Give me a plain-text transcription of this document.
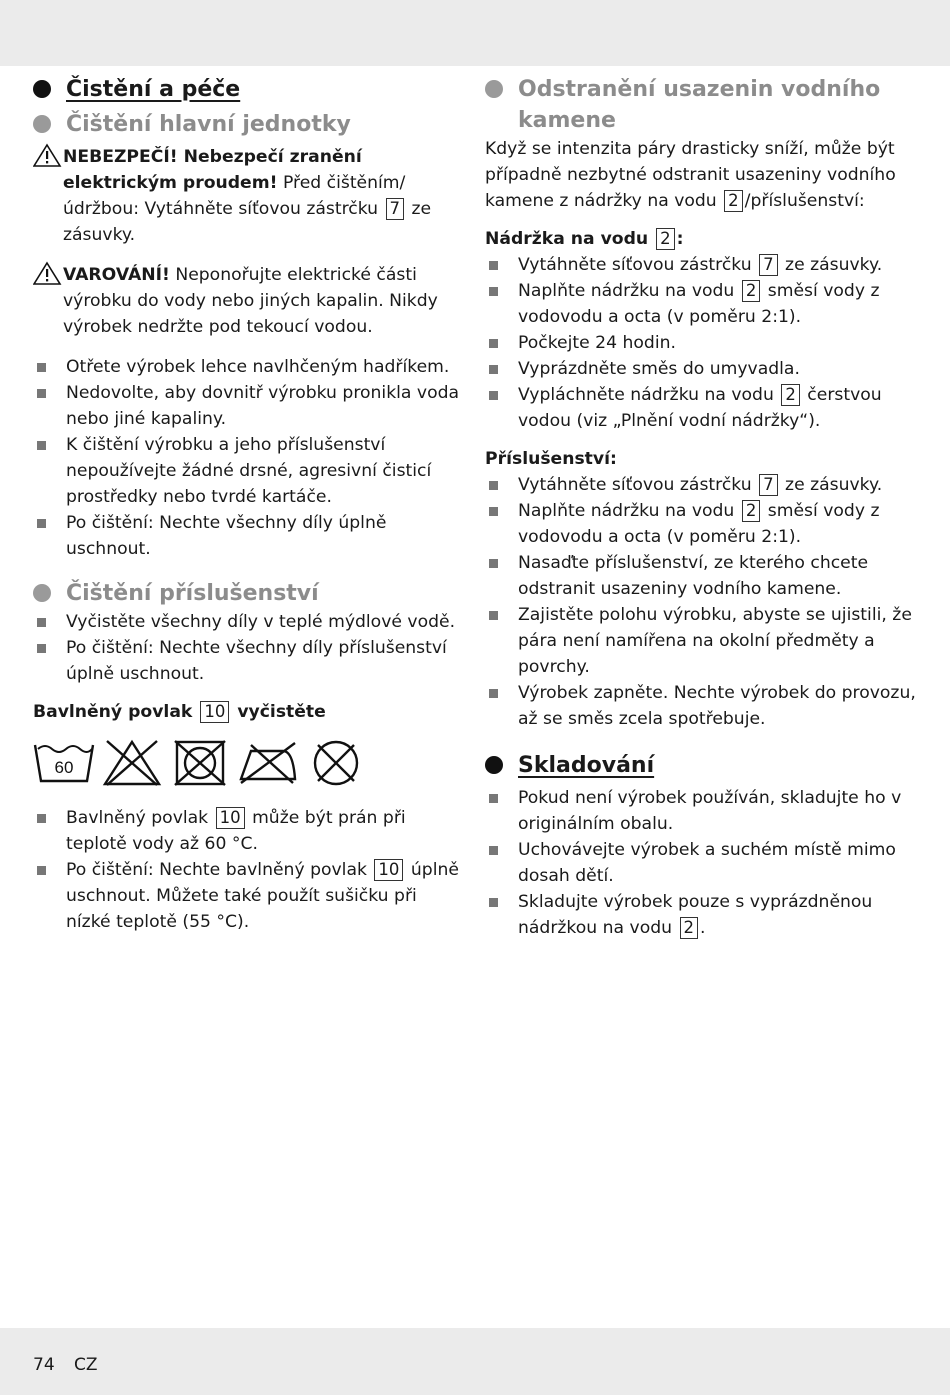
Čistění a péče
Čištění hlavní jednotky
NEBEZPEČÍ! Nebezpečí zranění elektrickým proudem! Před čištěním/ údržbou: Vytáhněte síťovou zástrčku 7 ze zásuvky.
VAROVÁNÍ! Neponořujte elektrické části výrobku do vody nebo jiných kapalin. Nikdy výrobek nedržte pod tekoucí vodou.
Otřete výrobek lehce navlhčeným hadříkem.
Nedovolte, aby dovnitř výrobku pronikla voda nebo jiné kapaliny.
K čištění výrobku a jeho příslušenství nepoužívejte žádné drsné, agresivní čisticí prostředky nebo tvrdé kartáče.
Po čištění: Nechte všechny díly úplně uschnout.
Čištění příslušenství
Vyčistěte všechny díly v teplé mýdlové vodě.
Po čištění: Nechte všechny díly příslušenství úplně uschnout.
Bavlněný povlak 10 vyčistěte
60
Bavlněný povlak 10 může být prán při teplotě vody až 60 °C.
Po čištění: Nechte bavlněný povlak 10 úplně uschnout. Můžete také použít sušičku při nízké teplotě (55 °C).
Odstranění usazenin vodního kamene

Když se intenzita páry drasticky sníží, může být případně nezbytné odstranit usazeniny vodního kamene z nádržky na vodu 2 /příslušenství:

Nádržka na vodu 2 :
Vytáhněte síťovou zástrčku 7 ze zásuvky.
Naplňte nádržku na vodu 2 směsí vody z vodovodu a octa (v poměru 2:1).
Počkejte 24 hodin.
Vyprázdněte směs do umyvadla.
Vypláchněte nádržku na vodu 2 čerstvou vodou (viz „Plnění vodní nádržky“).
Příslušenství:
Vytáhněte síťovou zástrčku 7 ze zásuvky.
Naplňte nádržku na vodu 2 směsí vody z vodovodu a octa (v poměru 2:1).
Nasaďte příslušenství, ze kterého chcete odstranit usazeniny vodního kamene.
Zajistěte polohu výrobku, abyste se ujistili, že pára není namířena na okolní předměty a povrchy.
Výrobek zapněte. Nechte výrobek do provozu, až se směs zcela spotřebuje.
Skladování
Pokud není výrobek používán, skladujte ho v originálním obalu.
Uchovávejte výrobek a suchém místě mimo dosah dětí.
Skladujte výrobek pouze s vyprázdněnou nádržkou na vodu 2 .
74 CZ
